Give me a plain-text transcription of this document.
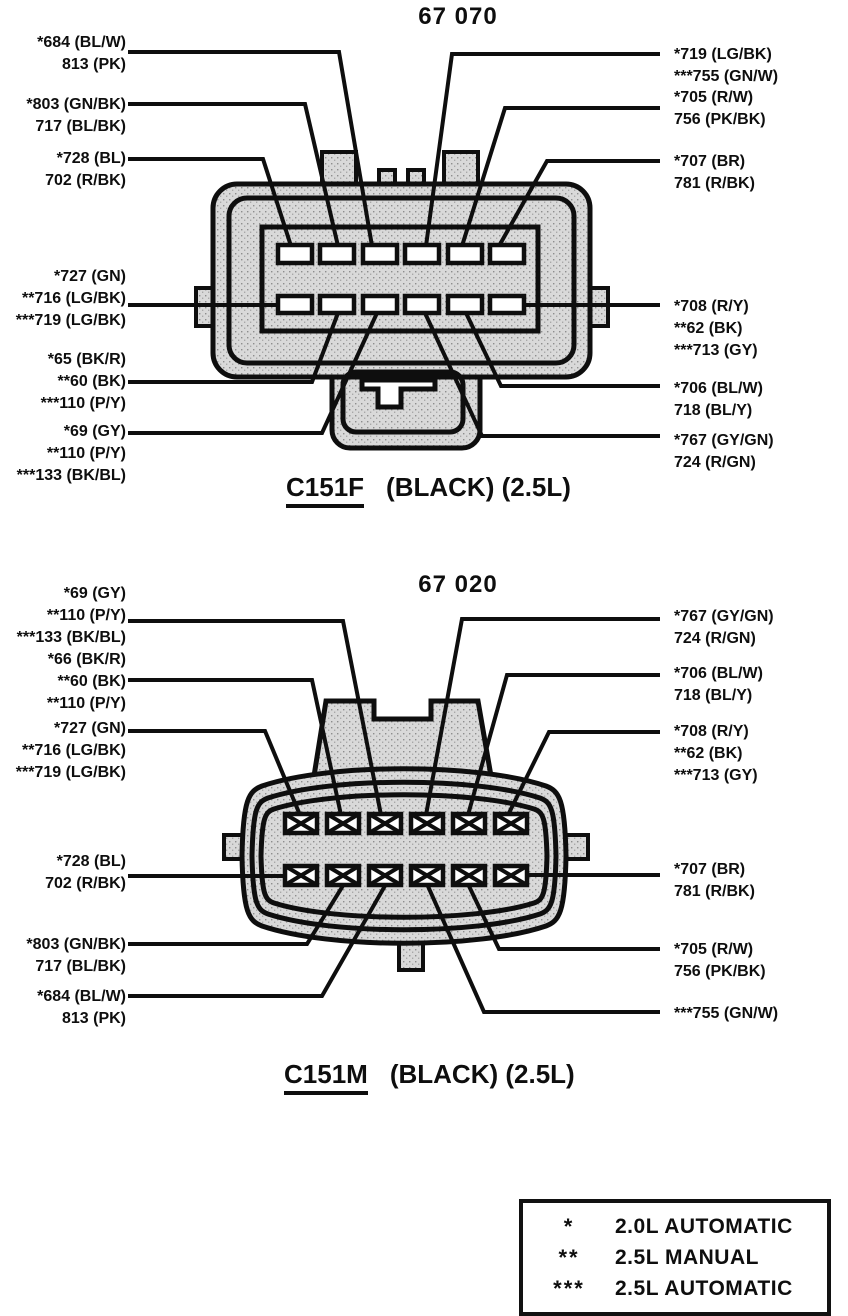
67 070
67 020
*684 (BL/W)
813 (PK)
*803 (GN/BK)
717 (BL/BK)
*728 (BL)
702 (R/BK)
*727 (GN)
**716 (LG/BK)
***719 (LG/BK)
*65 (BK/R)
**60 (BK)
***110 (P/Y)
*69 (GY)
**110 (P/Y)
***133 (BK/BL)
*719 (LG/BK)
***755 (GN/W)
*705 (R/W)
756 (PK/BK)
*707 (BR)
781 (R/BK)
*708 (R/Y)
**62 (BK)
***713 (GY)
*706 (BL/W)
718 (BL/Y)
*767 (GY/GN)
724 (R/GN)
C151F (BLACK) (2.5L)
*69 (GY)
**110 (P/Y)
***133 (BK/BL)
*66 (BK/R)
**60 (BK)
**110 (P/Y)
*727 (GN)
**716 (LG/BK)
***719 (LG/BK)
*728 (BL)
702 (R/BK)
*803 (GN/BK)
717 (BL/BK)
*684 (BL/W)
813 (PK)
*767 (GY/GN)
724 (R/GN)
*706 (BL/W)
718 (BL/Y)
*708 (R/Y)
**62 (BK)
***713 (GY)
*707 (BR)
781 (R/BK)
*705 (R/W)
756 (PK/BK)
***755 (GN/W)
C151M (BLACK) (2.5L)
*	2.0L AUTOMATIC
**	2.5L MANUAL
***	2.5L AUTOMATIC
